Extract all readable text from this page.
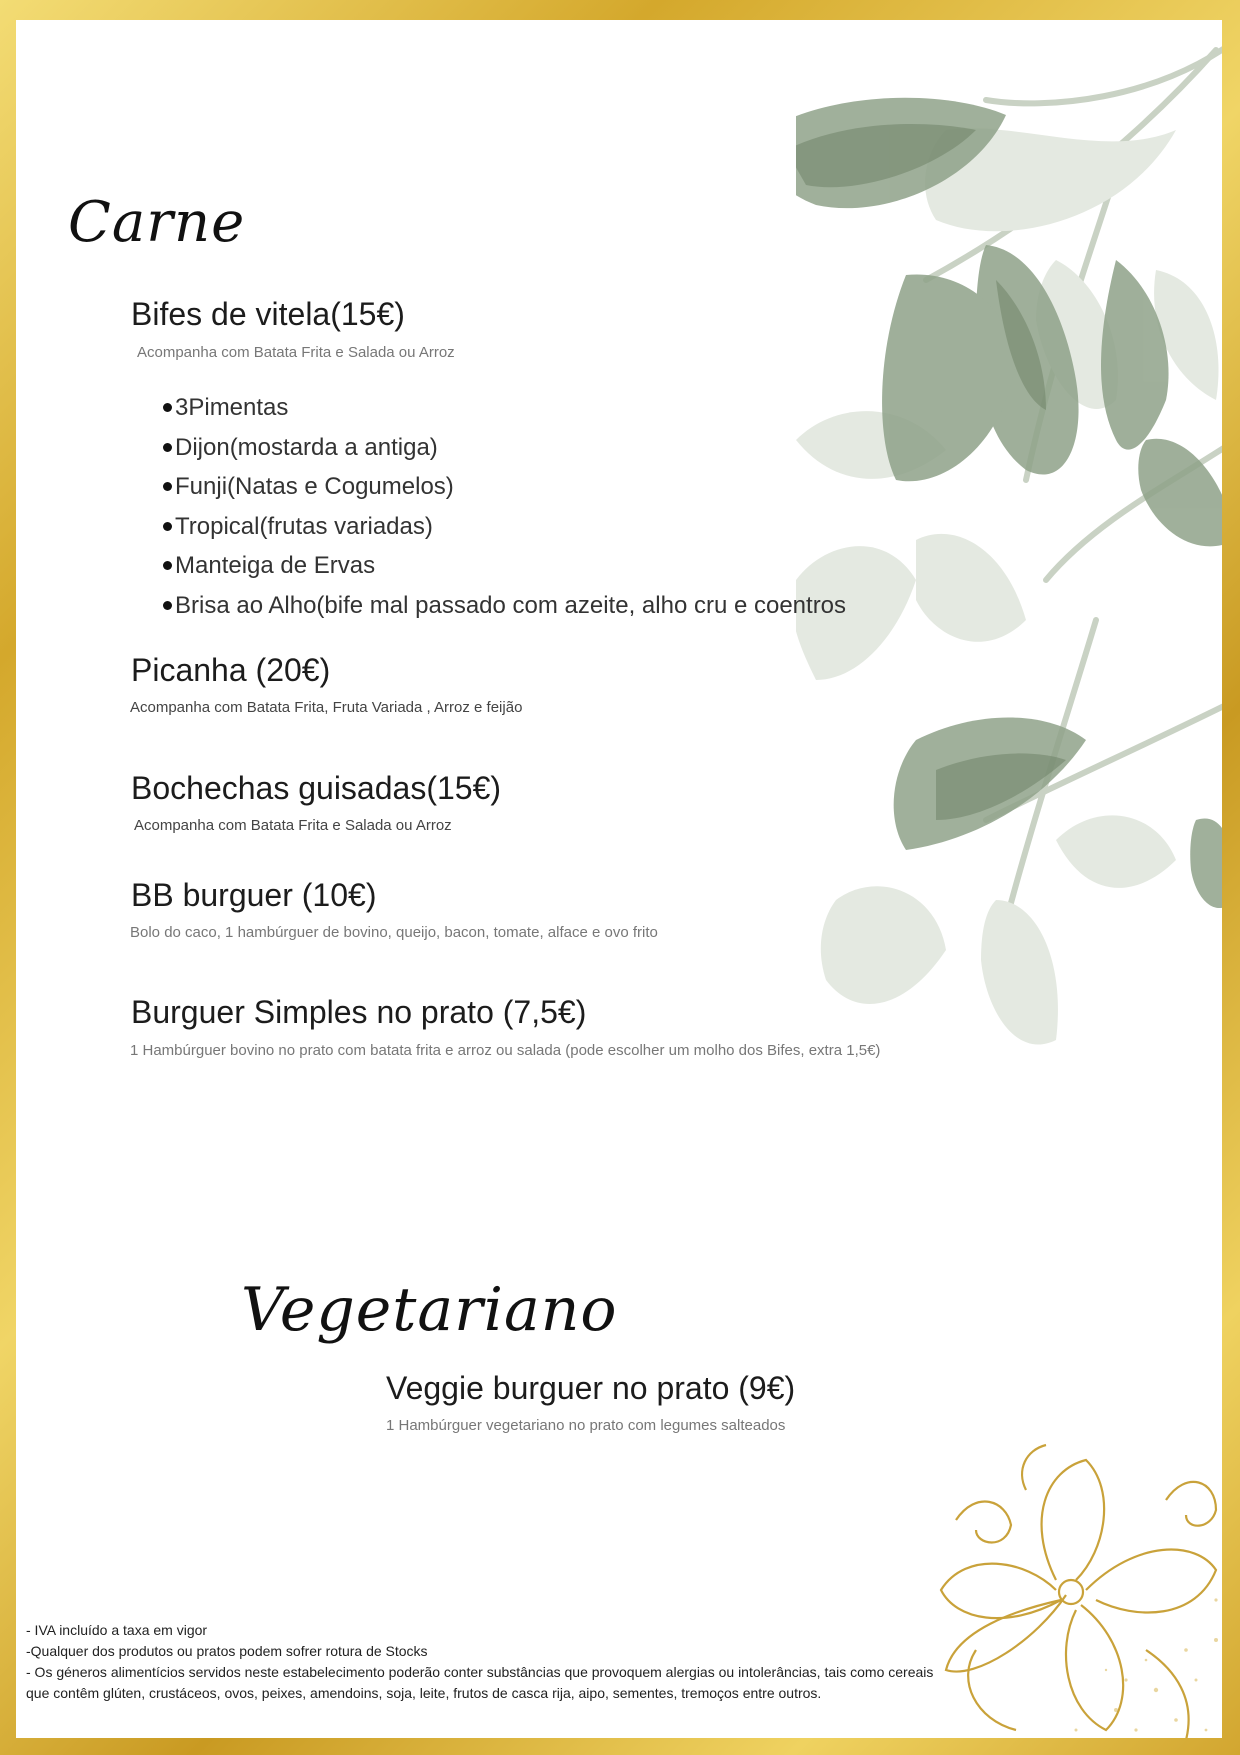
Carne
Bifes de vitela(15€)

Acompanha com Batata Frita e Salada ou Arroz

3Pimentas
Dijon(mostarda a antiga)
Funji(Natas e Cogumelos)
Tropical(frutas variadas)
Manteiga de Ervas
Brisa ao Alho(bife mal passado com azeite, alho cru e coentros
Picanha (20€)

Acompanha com Batata Frita, Fruta Variada , Arroz e feijão

Bochechas guisadas(15€)

Acompanha com Batata Frita e Salada ou Arroz

BB burguer (10€)

Bolo do caco, 1 hambúrguer de bovino, queijo, bacon, tomate, alface e ovo frito

Burguer Simples no prato (7,5€)

1 Hambúrguer bovino no prato com batata frita e arroz ou salada (pode escolher um molho dos Bifes, extra 1,5€)

Vegetariano
Veggie burguer no prato (9€)

1 Hambúrguer vegetariano no prato com legumes salteados

- IVA incluído a taxa em vigor

-Qualquer dos produtos ou pratos podem sofrer rotura de Stocks

- Os géneros alimentícios servidos neste estabelecimento poderão conter substâncias que provoquem alergias ou intolerâncias, tais como cereais que contêm glúten, crustáceos, ovos, peixes, amendoins, soja, leite, frutos de casca rija, aipo, sementes, tremoços entre outros.
